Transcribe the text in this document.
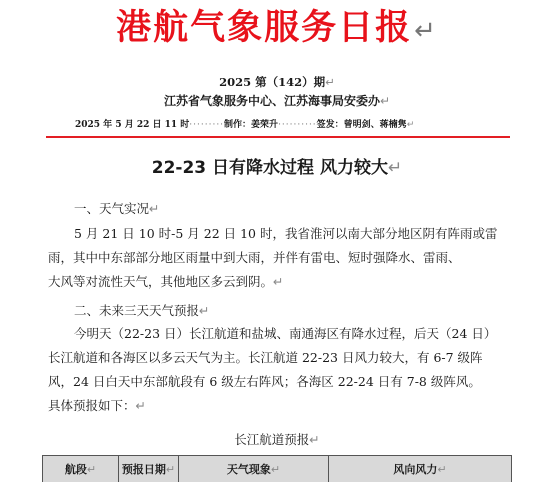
港航气象服务日报↵
2025 第（142）期↵
江苏省气象服务中心、江苏海事局安委办↵
2025 年 5 月 22 日 11 时·········制作：姜荣升··········签发：曾明剑、蒋楠隽↵
22-23 日有降水过程 风力较大↵
一、天气实况↵
5 月 21 日 10 时-5 月 22 日 10 时，我省淮河以南大部分地区阴有阵雨或雷
雨，其中中东部部分地区雨量中到大雨，并伴有雷电、短时强降水、雷雨、
大风等对流性天气，其他地区多云到阴。↵
二、未来三天天气预报↵
今明天（22-23 日）长江航道和盐城、南通海区有降水过程，后天（24 日）
长江航道和各海区以多云天气为主。长江航道 22-23 日风力较大，有 6-7 级阵
风，24 日白天中东部航段有 6 级左右阵风；各海区 22-24 日有 7-8 级阵风。
具体预报如下：↵
长江航道预报↵
航段 ↵ 预报日期 ↵	天气现象 ↵	风向风力 ↵
